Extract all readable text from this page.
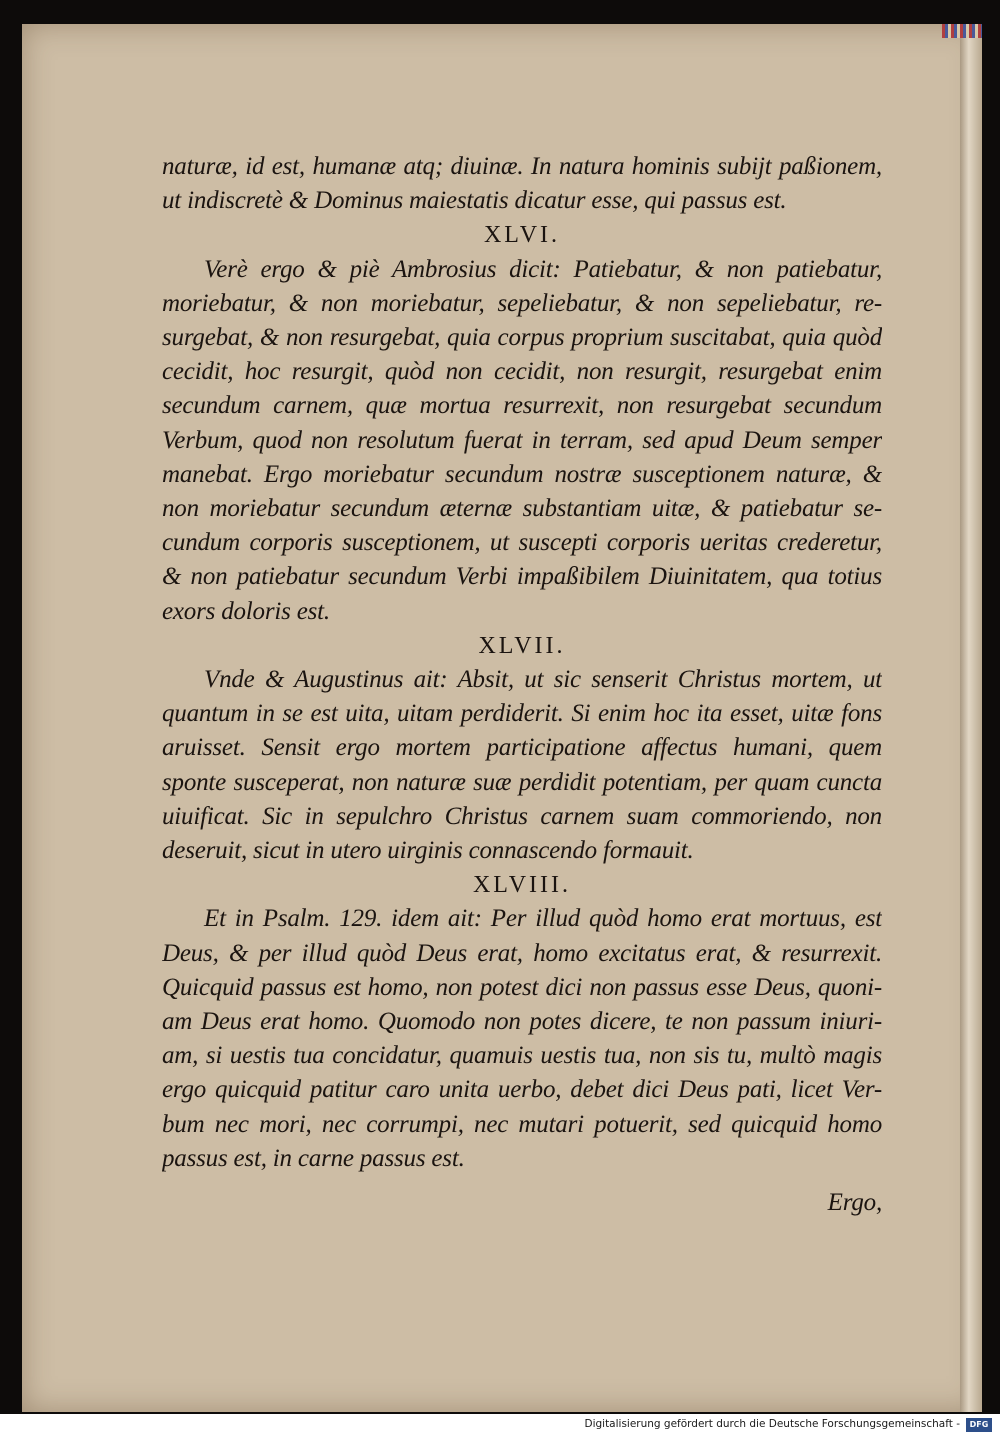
naturæ, id est, humanæ atq; diuinæ. In natura hominis subijt paßionem,
ut indiscretè & Dominus maiestatis dicatur esse, qui passus est.
XLVI.
Verè ergo & piè Ambrosius dicit: Patiebatur, & non patiebatur,
moriebatur, & non moriebatur, sepeliebatur, & non sepeliebatur, re-
surgebat, & non resurgebat, quia corpus proprium suscitabat, quia quòd
cecidit, hoc resurgit, quòd non cecidit, non resurgit, resurgebat enim
secundum carnem, quæ mortua resurrexit, non resurgebat secundum
Verbum, quod non resolutum fuerat in terram, sed apud Deum semper
manebat. Ergo moriebatur secundum nostræ susceptionem naturæ, &
non moriebatur secundum æternæ substantiam uitæ, & patiebatur se-
cundum corporis susceptionem, ut suscepti corporis ueritas crederetur,
& non patiebatur secundum Verbi impaßibilem Diuinitatem, qua totius
exors doloris est.
XLVII.
Vnde & Augustinus ait: Absit, ut sic senserit Christus mortem, ut
quantum in se est uita, uitam perdiderit. Si enim hoc ita esset, uitæ fons
aruisset. Sensit ergo mortem participatione affectus humani, quem
sponte susceperat, non naturæ suæ perdidit potentiam, per quam cuncta
uiuificat. Sic in sepulchro Christus carnem suam commoriendo, non
deseruit, sicut in utero uirginis connascendo formauit.
XLVIII.
Et in Psalm. 129. idem ait: Per illud quòd homo erat mortuus, est
Deus, & per illud quòd Deus erat, homo excitatus erat, & resurrexit.
Quicquid passus est homo, non potest dici non passus esse Deus, quoni-
am Deus erat homo. Quomodo non potes dicere, te non passum iniuri-
am, si uestis tua concidatur, quamuis uestis tua, non sis tu, multò magis
ergo quicquid patitur caro unita uerbo, debet dici Deus pati, licet Ver-
bum nec mori, nec corrumpi, nec mutari potuerit, sed quicquid homo
passus est, in carne passus est.
Ergo,
Digitalisierung gefördert durch die Deutsche Forschungsgemeinschaft -	DFG
